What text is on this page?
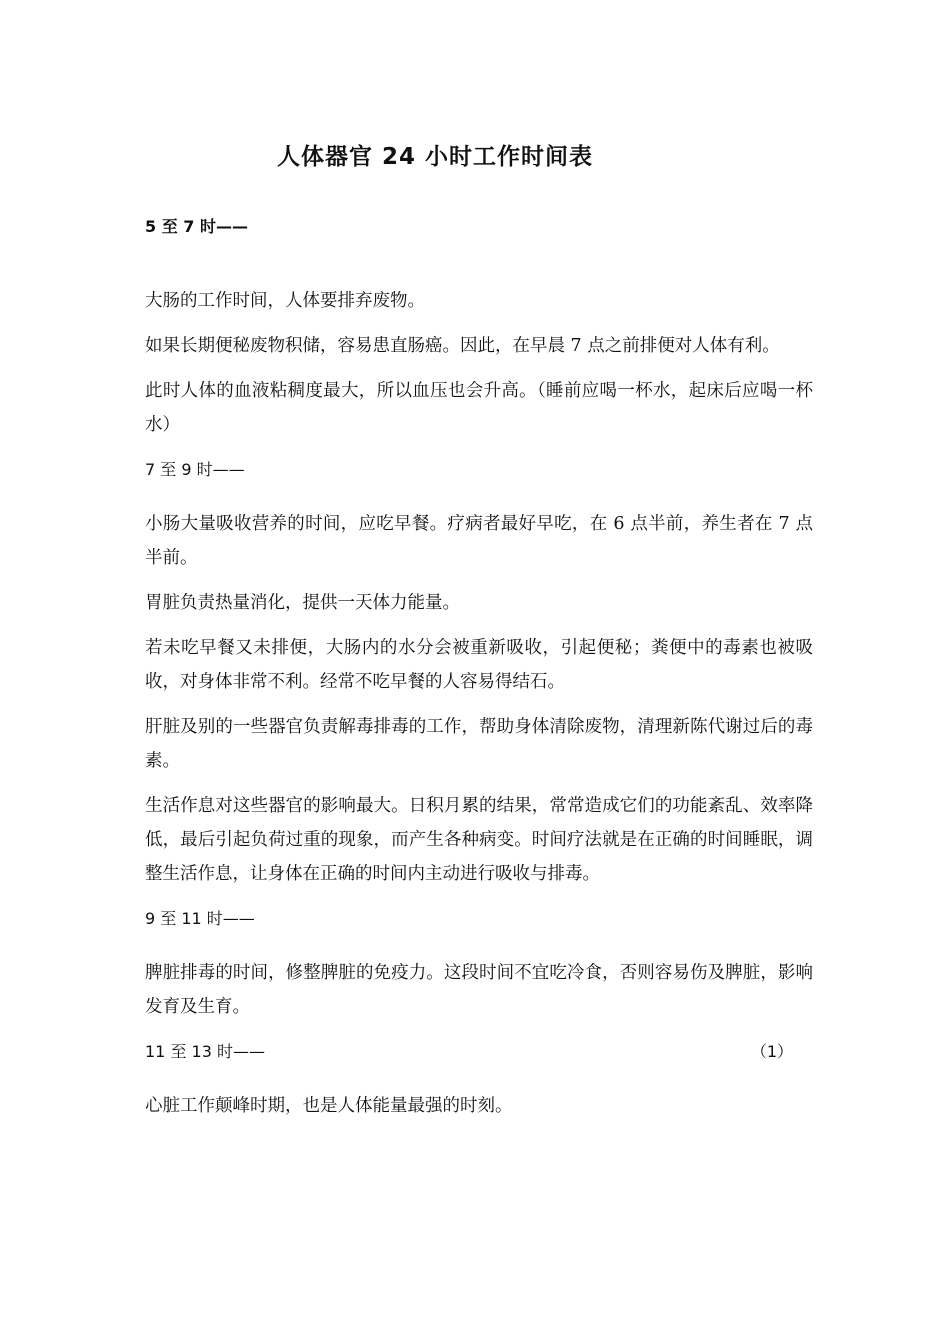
人体器官 24 小时工作时间表
5 至 7 时——

大肠的工作时间，人体要排弃废物。

如果长期便秘废物积储，容易患直肠癌。因此，在早晨 7 点之前排便对人体有利。

此时人体的血液粘稠度最大，所以血压也会升高。（睡前应喝一杯水，起床后应喝一杯水）

7 至 9 时——

小肠大量吸收营养的时间，应吃早餐。疗病者最好早吃，在 6 点半前，养生者在 7 点半前。

胃脏负责热量消化，提供一天体力能量。

若未吃早餐又未排便，大肠内的水分会被重新吸收，引起便秘；粪便中的毒素也被吸收，对身体非常不利。经常不吃早餐的人容易得结石。

肝脏及别的一些器官负责解毒排毒的工作，帮助身体清除废物，清理新陈代谢过后的毒素。

生活作息对这些器官的影响最大。日积月累的结果，常常造成它们的功能紊乱、效率降低，最后引起负荷过重的现象，而产生各种病变。时间疗法就是在正确的时间睡眠，调整生活作息，让身体在正确的时间内主动进行吸收与排毒。

9 至 11 时——

脾脏排毒的时间，修整脾脏的免疫力。这段时间不宜吃冷食，否则容易伤及脾脏，影响发育及生育。

11 至 13 时——	（1）

心脏工作颠峰时期，也是人体能量最强的时刻。
